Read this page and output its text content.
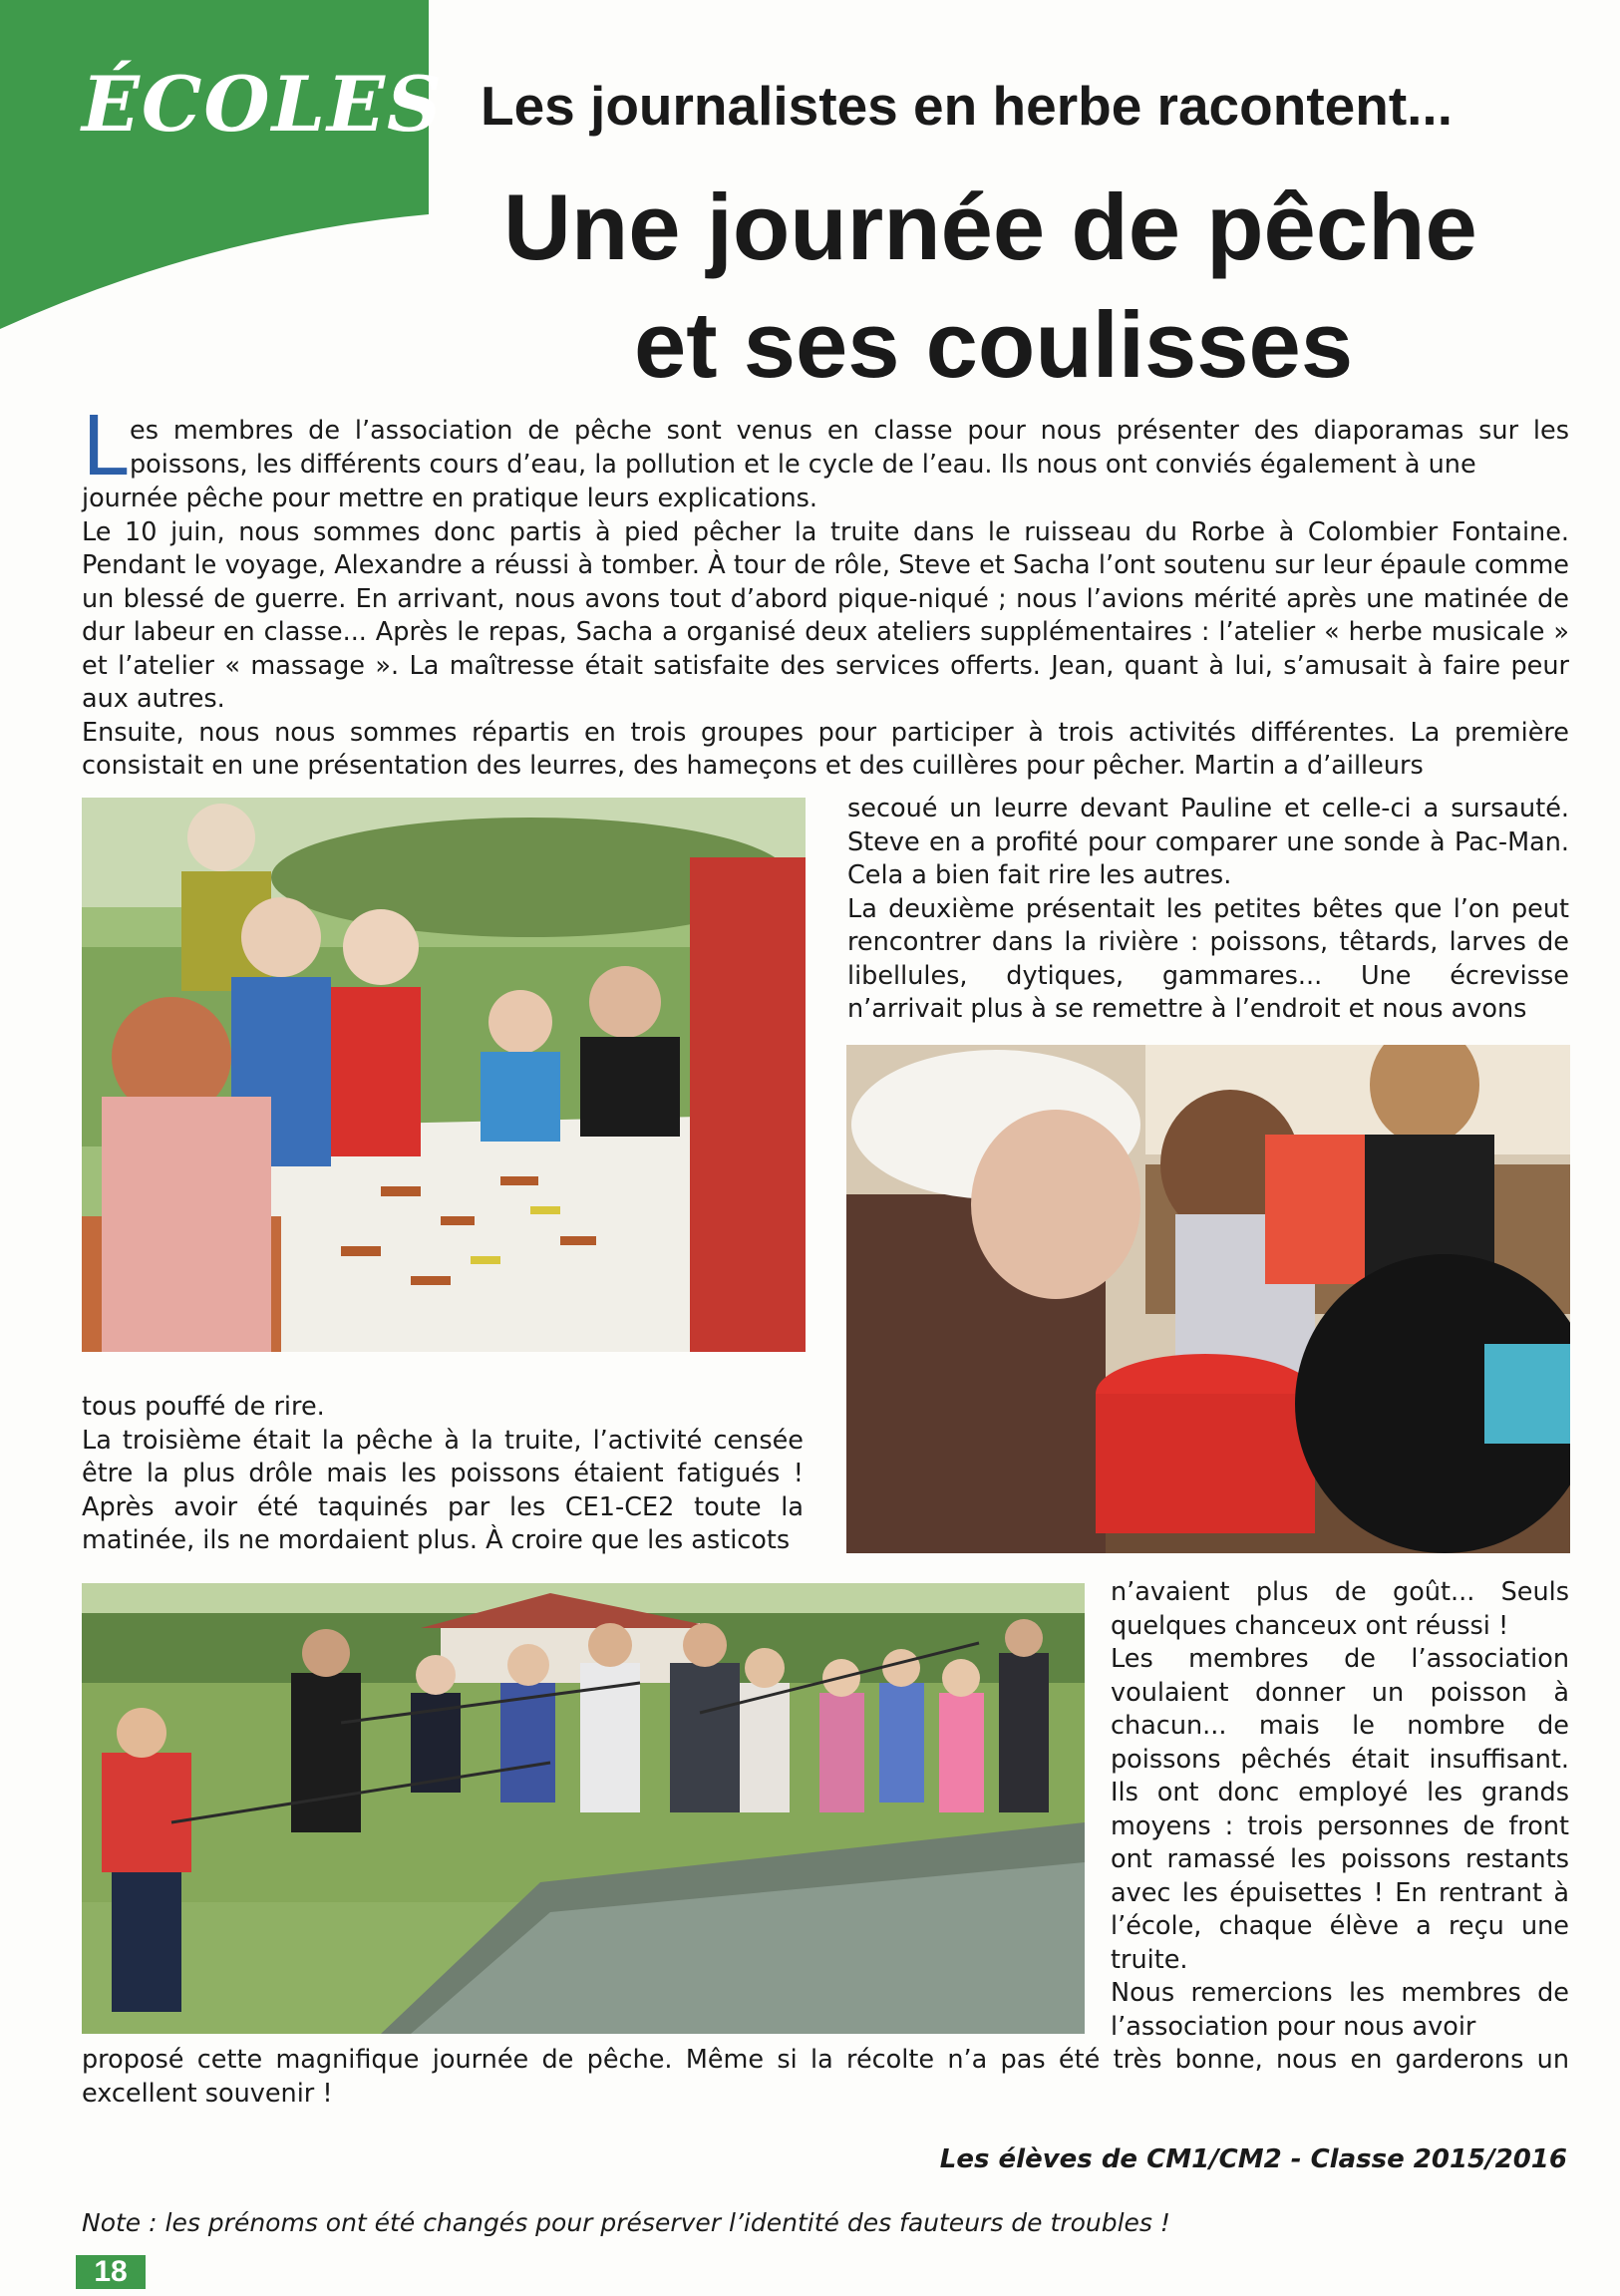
ÉCOLES Les journalistes en herbe racontent...
Une journée de pêche
et ses coulisses
L es membres de l’association de pêche sont venus en classe pour nous présenter des diaporamas sur les poissons, les différents cours d’eau, la pollution et le cycle de l’eau. Ils nous ont conviés également à une

journée pêche pour mettre en pratique leurs explications.

Le 10 juin, nous sommes donc partis à pied pêcher la truite dans le ruisseau du Rorbe à Colombier Fontaine. Pendant le voyage, Alexandre a réussi à tomber. À tour de rôle, Steve et Sacha l’ont soutenu sur leur épaule comme un blessé de guerre. En arrivant, nous avons tout d’abord pique-niqué ; nous l’avions mérité après une matinée de dur labeur en classe... Après le repas, Sacha a organisé deux ateliers supplémentaires : l’atelier « herbe musicale » et l’atelier « massage ». La maîtresse était satisfaite des services offerts. Jean, quant à lui, s’amusait à faire peur aux autres.

Ensuite, nous nous sommes répartis en trois groupes pour participer à trois activités différentes. La première consistait en une présentation des leurres, des hameçons et des cuillères pour pêcher. Martin a d’ailleurs

secoué un leurre devant Pauline et celle-ci a sursauté. Steve en a profité pour comparer une sonde à Pac-Man. Cela a bien fait rire les autres.

La deuxième présentait les petites bêtes que l’on peut rencontrer dans la rivière : poissons, têtards, larves de libellules, dytiques, gammares... Une écrevisse n’arrivait plus à se remettre à l’endroit et nous avons

tous pouffé de rire.

La troisième était la pêche à la truite, l’activité censée être la plus drôle mais les poissons étaient fatigués ! Après avoir été taquinés par les CE1-CE2 toute la matinée, ils ne mordaient plus. À croire que les asticots

n’avaient plus de goût... Seuls quelques chanceux ont réussi !

Les membres de l’association voulaient donner un poisson à chacun... mais le nombre de poissons pêchés était insuffisant. Ils ont donc employé les grands moyens : trois personnes de front ont ramassé les poissons restants avec les épuisettes ! En rentrant à l’école, chaque élève a reçu une truite.

Nous remercions les membres de l’association pour nous avoir

proposé cette magnifique journée de pêche. Même si la récolte n’a pas été très bonne, nous en garderons un excellent souvenir !

Les élèves de CM1/CM2 - Classe 2015/2016
Note : les prénoms ont été changés pour préserver l’identité des fauteurs de troubles !
18
